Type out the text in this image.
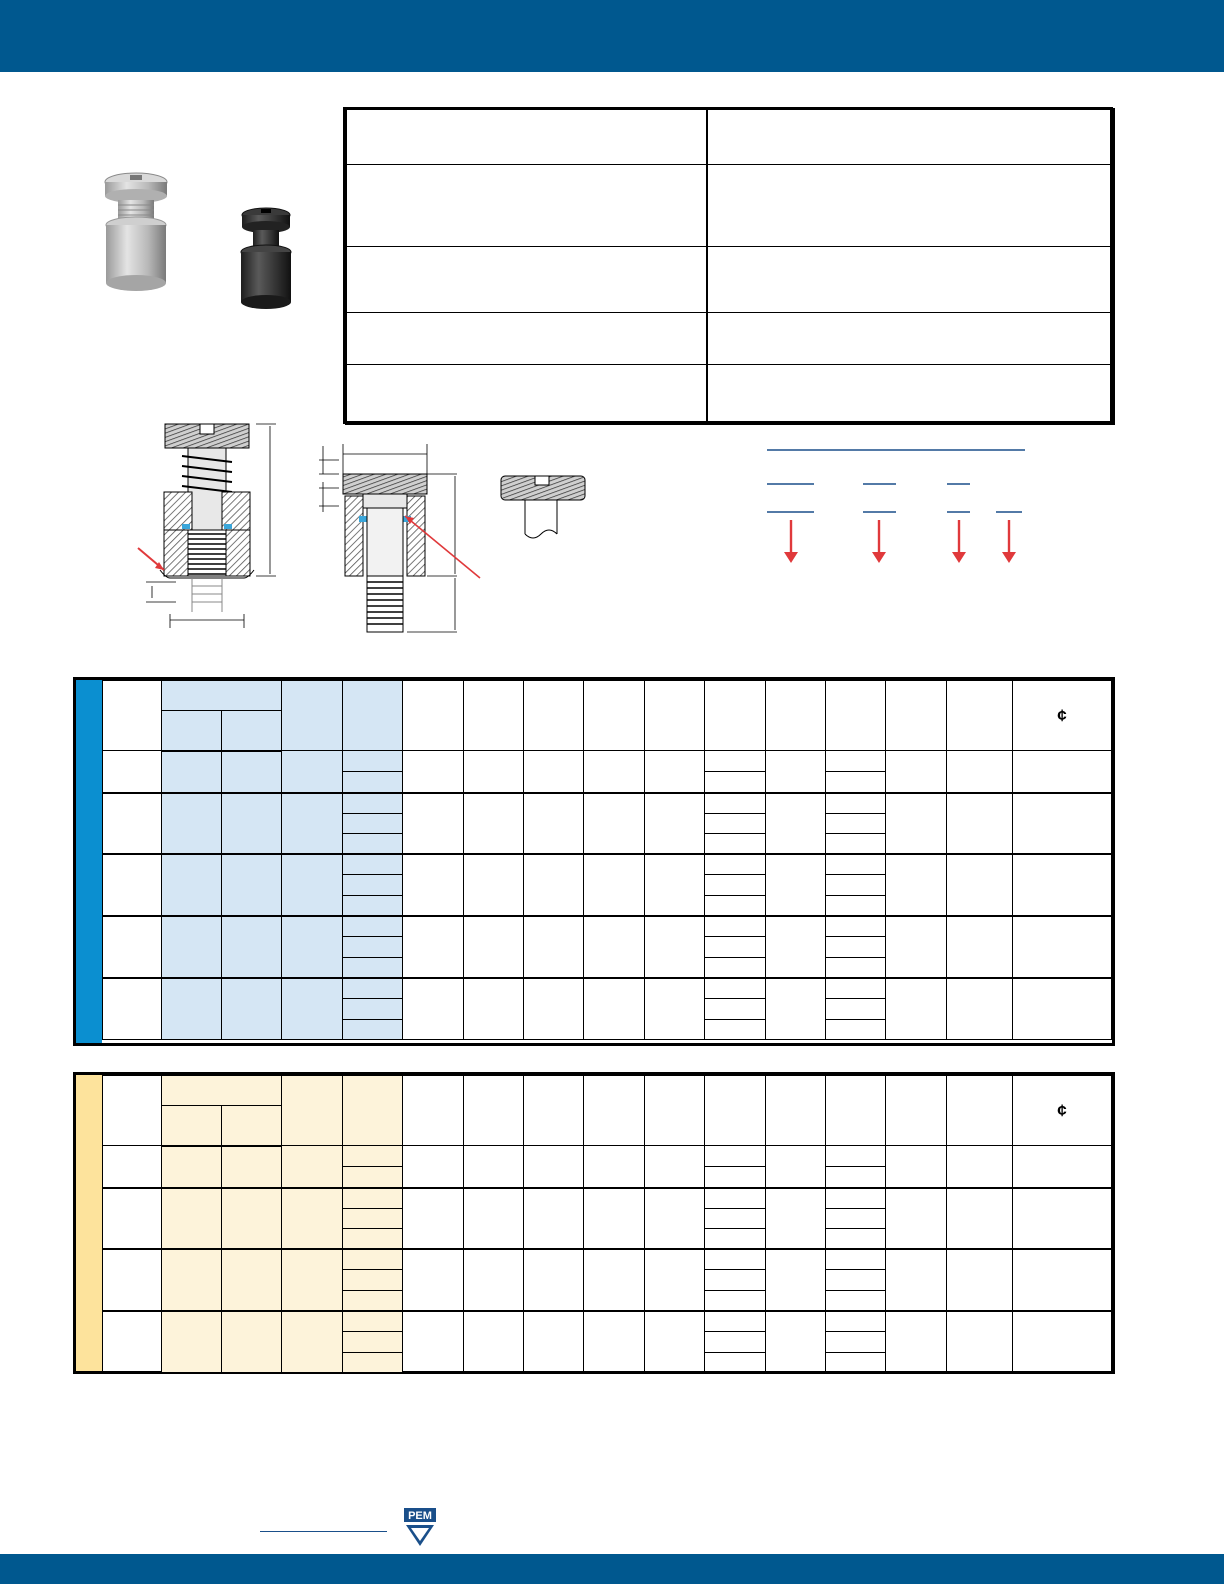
															¢

															¢

PEM
